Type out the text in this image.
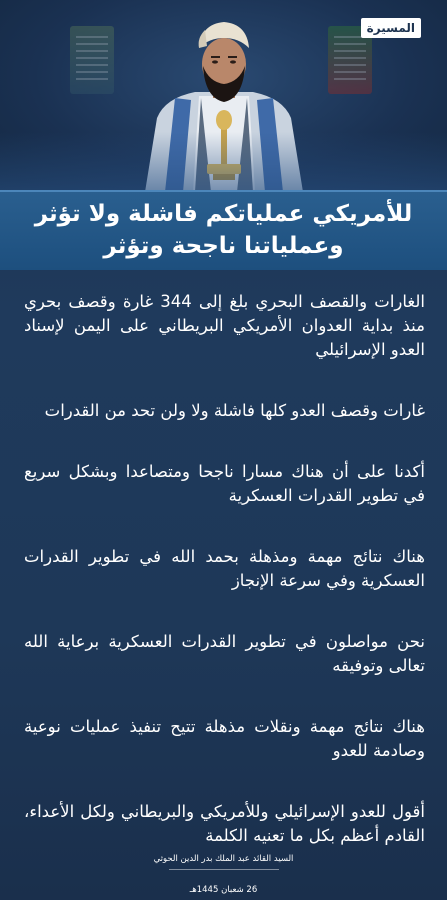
المسيرة
للأمريكي عملياتكم فاشلة ولا تؤثر
وعملياتنا ناجحة وتؤثر

الغارات والقصف البحري بلغ إلى 344 غارة وقصف بحري منذ بداية العدوان الأمريكي البريطاني على اليمن لإسناد العدو الإسرائيلي

غارات وقصف العدو كلها فاشلة ولا ولن تحد من القدرات

أكدنا على أن هناك مسارا ناجحا ومتصاعدا وبشكل سريع في تطوير القدرات العسكرية

هناك نتائج مهمة ومذهلة بحمد الله في تطوير القدرات العسكرية وفي سرعة الإنجاز

نحن مواصلون في تطوير القدرات العسكرية برعاية الله تعالى وتوفيقه

هناك نتائج مهمة ونقلات مذهلة تتيح تنفيذ عمليات نوعية وصادمة للعدو

أقول للعدو الإسرائيلي وللأمريكي والبريطاني ولكل الأعداء، القادم أعظم بكل ما تعنيه الكلمة

السيد القائد عبد الملك بدر الدين الحوثي
26 شعبان 1445هـ
